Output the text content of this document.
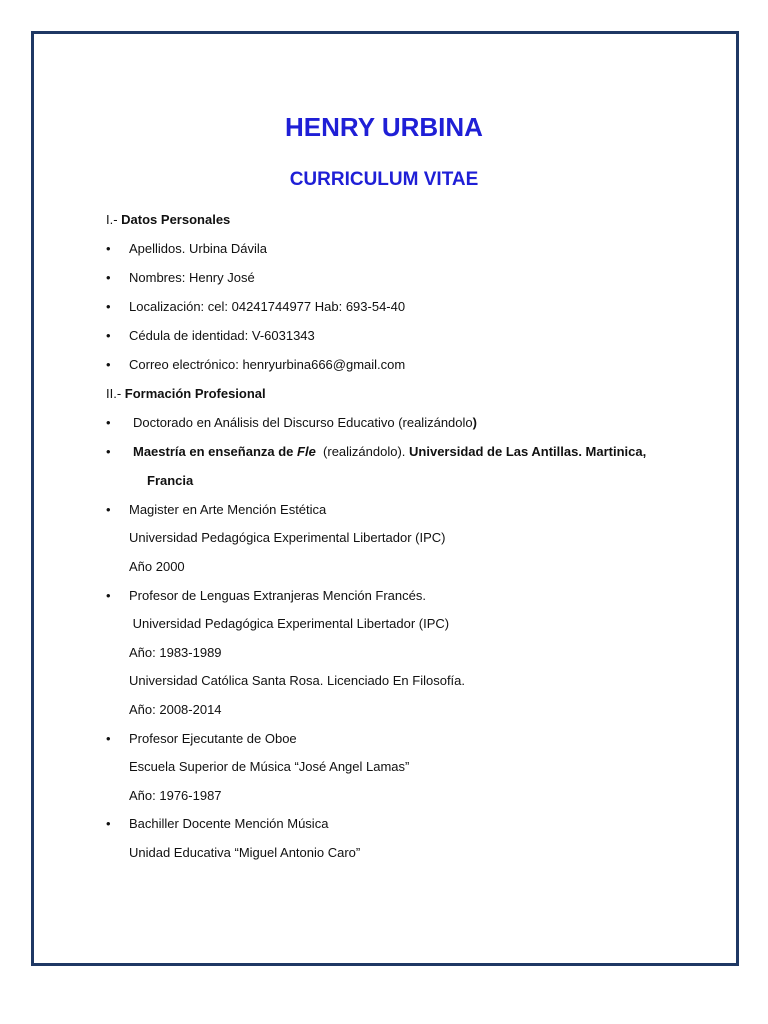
HENRY URBINA
CURRICULUM VITAE
I.- Datos Personales
• Apellidos. Urbina Dávila
• Nombres: Henry José
• Localización: cel: 04241744977 Hab: 693-54-40
• Cédula de identidad: V-6031343
• Correo electrónico: henryurbina666@gmail.com
II.- Formación Profesional
• Doctorado en Análisis del Discurso Educativo (realizándolo)
• Maestría en enseñanza de Fle  (realizándolo). Universidad de Las Antillas. Martinica,
Francia
• Magister en Arte Mención Estética
Universidad Pedagógica Experimental Libertador (IPC)
Año 2000
• Profesor de Lenguas Extranjeras Mención Francés.
Universidad Pedagógica Experimental Libertador (IPC)
Año: 1983-1989
Universidad Católica Santa Rosa. Licenciado En Filosofía.
Año: 2008-2014
• Profesor Ejecutante de Oboe
Escuela Superior de Música “José Angel Lamas”
Año: 1976-1987
• Bachiller Docente Mención Música
Unidad Educativa “Miguel Antonio Caro”
